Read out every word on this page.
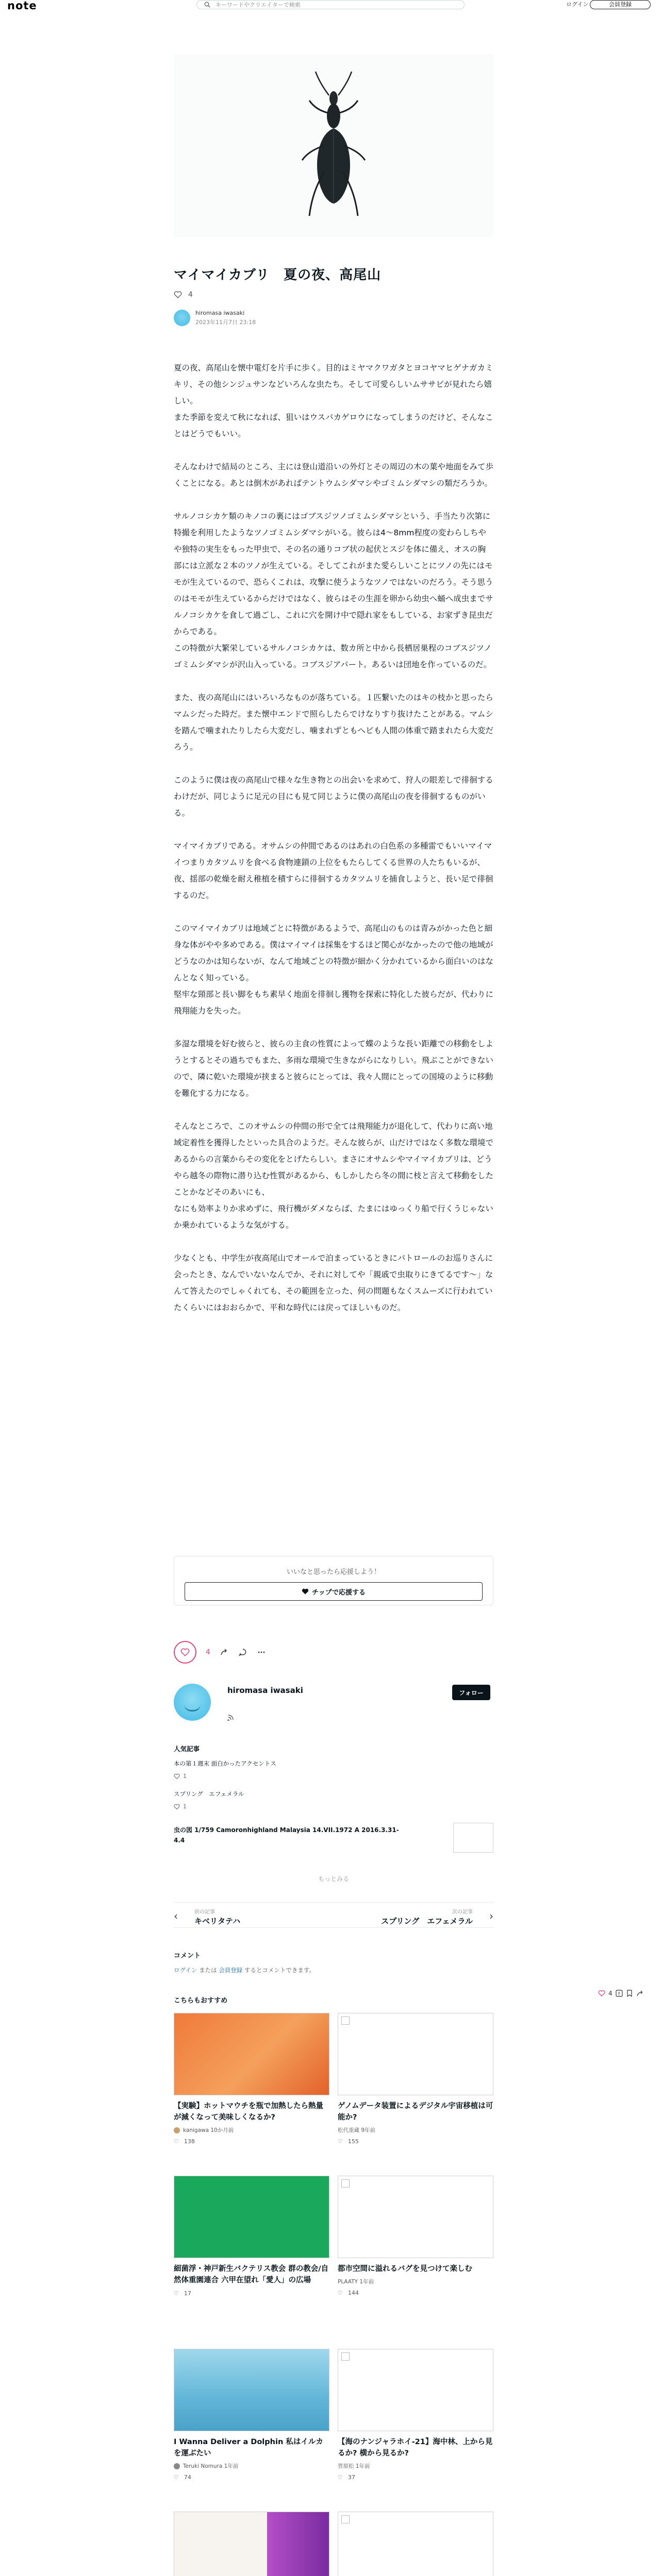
note	キーワードやクリエイターで検索	ログイン	会員登録
マイマイカブリ　夏の夜、高尾山
4
hiromasa iwasaki
2023年11月7日 23:18

夏の夜、高尾山を懐中電灯を片手に歩く。目的はミヤマクワガタとヨコヤマヒゲナガカミキリ、その他シンジュサンなどいろんな虫たち。そして可愛らしいムササビが見れたら嬉しい。
また季節を変えて秋になれば、狙いはウスバカゲロウになってしまうのだけど、そんなことはどうでもいい。

そんなわけで結局のところ、主には登山道沿いの外灯とその周辺の木の葉や地面をみて歩くことになる。あとは倒木があればテントウムシダマシやゴミムシダマシの類だろうか。

サルノコシカケ類のキノコの裏にはゴブスジツノゴミムシダマシという、手当たり次第に特撮を利用したようなツノゴミムシダマシがいる。彼らは4〜8mm程度の変わらしちやや独特の実生をもった甲虫で、その名の通りコブ状の起伏とスジを体に備え、オスの胸部には立派な２本のツノが生えている。そしてこれがまた愛らしいことにツノの先にはモモが生えているので、恐らくこれは、攻撃に使うようなツノではないのだろう。そう思うのはモモが生えているからだけではなく、彼らはその生涯を卵から幼虫へ蛹へ成虫までサルノコシカケを食して過ごし、これに穴を開け中で隠れ家をもしている、お家ずき昆虫だからである。
この特徴が大繁栄しているサルノコシカケは、数カ所と中から長栖居巣程のコブスジツノゴミムシダマシが沢山入っている。コブスジアパート。あるいは団地を作っているのだ。

また、夜の高尾山にはいろいろなものが落ちている。１匹繋いたのはキの枝かと思ったらマムシだった時だ。また懐中エンドで照らしたらでけなりすり抜けたことがある。マムシを踏んで噛まれたりしたら大変だし、噛まれずともへビも人間の体重で踏まれたら大変だろう。

このように僕は夜の高尾山で様々な生き物との出会いを求めて、狩人の眼差しで徘徊するわけだが、同じように足元の目にも見て同じように僕の高尾山の夜を徘徊するものがいる。

マイマイカブリである。オサムシの仲間であるのはあれの白色系の多種雷でもいいマイマイつまりカタツムリを食べる食物連鎖の上位をもたらしてくる世界の人たちもいるが、夜、揺部の乾燥を耐え稚植を積すらに徘徊するカタツムリを捕食しようと、長い足で徘徊するのだ。

このマイマイカブリは地域ごとに特徴があるようで、高尾山のものは青みがかった色と細身な体がやや多めである。僕はマイマイは採集をするほど関心がなかったので他の地域がどうなのかは知らないが、なんて地域ごとの特徴が細かく分かれているから面白いのはなんとなく知っている。
堅牢な頸部と長い脚をもち素早く地面を徘徊し獲物を探索に特化した彼らだが、代わりに飛翔能力を失った。

多湿な環境を好む彼らと、彼らの主食の性質によって蝶のような長い距離での移動をしようとするとその過ちでもまた、多雨な環境で生きながらになりしい。飛ぶことができないので、隣に乾いた環境が挟まると彼らにとっては、我々人間にとっての国境のように移動を難化する力になる。

そんなところで、このオサムシの仲間の形で全ては飛翔能力が退化して、代わりに高い地域定着性を獲得したといった具合のようだ。そんな彼らが、山だけではなく多数な環境であるからの言葉からその変化をとげたらしい。まさにオサムシやマイマイカブリは、どうやら越冬の際物に潜り込む性質があるから、もしかしたら冬の間に枝と言えて移動をしたことかなどそのあいにも、
なにも効率よりか求めずに、飛行機がダメならば、たまにはゆっくり船で行くうじゃないか乗かれているような気がする。

少なくとも、中学生が夜高尾山でオールで泊まっているときにパトロールのお巡りさんに会ったとき、なんでいないなんでか、それに対してや「親戚で虫取りにきてるです〜」なんて答えたのでしゃくれても、その範囲を立った、何の問題もなくスムーズに行われていたくらいにはおおらかで、平和な時代には戻ってほしいものだ。

いいなと思ったら応援しよう！
チップで応援する
4
hiromasa iwasaki	フォロー
人気記事
本の第１週末 面白かったアクセントス
1
スプリング　エフェメラル
1
虫の図 1/759 Camoronhighland Malaysia 14.VII.1972 A 2016.3.31-4.4
もっとみる
‹	前の記事
キベリタテハ
次の記事
スプリング　エフェメラル ›
コメント
ログイン または 会員登録 するとコメントできます。
4 f
こちらもおすすめ
【実験】ホットマウチを瓶で加熱したら熱量が減くなって美味しくなるか?
kanigawa 10か月前
♡ 138
ゲノムデータ装置によるデジタル宇宙移植は可能か?
松代重蔵 9年前
♡ 155
細菌浮・神戸新生バクテリス教会 群の教会/自然体重園連合 六甲在望れ「愛人」の広場
♡ 17
都市空間に溢れるバグを見つけて楽しむ
PLAATY 1年前
♡ 144
I Wanna Deliver a Dolphin 私はイルカを運ぶたい
Teruki Nomura 1年前
♡ 74
【海のナンジャラホイ-21】海中林、上から見るか? 横から見るか?
菅原松 1年前
♡ 37
